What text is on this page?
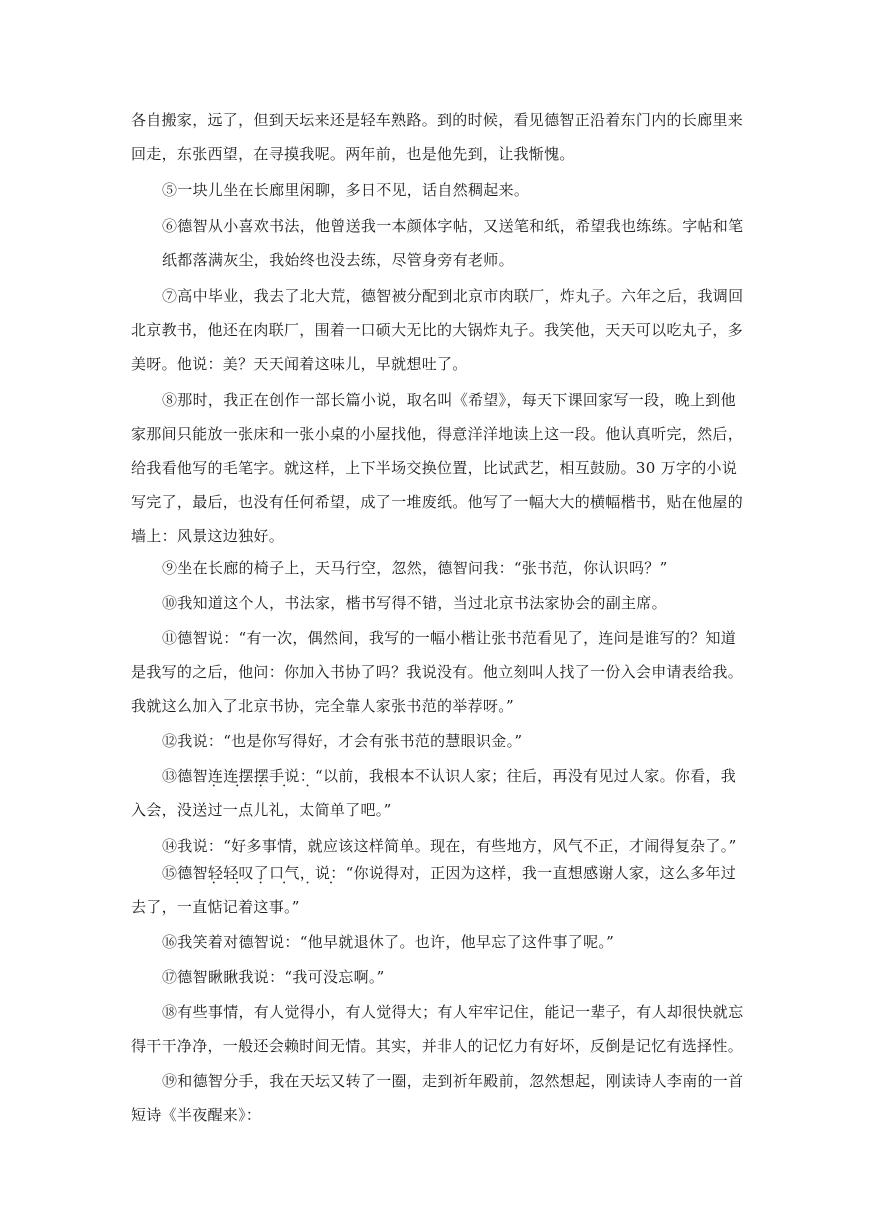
各自搬家，远了，但到天坛来还是轻车熟路。到的时候，看见德智正沿着东门内的长廊里来
回走，东张西望，在寻摸我呢。两年前，也是他先到，让我惭愧。
⑤一块儿坐在长廊里闲聊，多日不见，话自然稠起来。
⑥德智从小喜欢书法，他曾送我一本颜体字帖，又送笔和纸，希望我也练练。字帖和笔
纸都落满灰尘，我始终也没去练，尽管身旁有老师。
⑦高中毕业，我去了北大荒，德智被分配到北京市肉联厂，炸丸子。六年之后，我调回
北京教书，他还在肉联厂，围着一口硕大无比的大锅炸丸子。我笑他，天天可以吃丸子，多
美呀。他说：美？天天闻着这味儿，早就想吐了。
⑧那时，我正在创作一部长篇小说，取名叫《希望》，每天下课回家写一段，晚上到他
家那间只能放一张床和一张小桌的小屋找他，得意洋洋地读上这一段。他认真听完，然后，
给我看他写的毛笔字。就这样，上下半场交换位置，比试武艺，相互鼓励。30 万字的小说
写完了，最后，也没有任何希望，成了一堆废纸。他写了一幅大大的横幅楷书，贴在他屋的
墙上：风景这边独好。
⑨坐在长廊的椅子上，天马行空，忽然，德智问我：“张书范，你认识吗？”
⑩我知道这个人，书法家，楷书写得不错，当过北京书法家协会的副主席。
⑪德智说：“有一次，偶然间，我写的一幅小楷让张书范看见了，连问是谁写的？知道
是我写的之后，他问：你加入书协了吗？我说没有。他立刻叫人找了一份入会申请表给我。
我就这么加入了北京书协，完全靠人家张书范的举荐呀。”
⑫我说：“也是你写得好，才会有张书范的慧眼识金。”
⑬德智连连摆摆手说：“以前，我根本不认识人家；往后，再没有见过人家。你看，我
入会，没送过一点儿礼，太简单了吧。”
⑭我说：“好多事情，就应该这样简单。现在，有些地方，风气不正，才闹得复杂了。”
⑮德智轻轻叹了口气，说：“你说得对，正因为这样，我一直想感谢人家，这么多年过
去了，一直惦记着这事。”
⑯我笑着对德智说：“他早就退休了。也许，他早忘了这件事了呢。”
⑰德智瞅瞅我说：“我可没忘啊。”
⑱有些事情，有人觉得小，有人觉得大；有人牢牢记住，能记一辈子，有人却很快就忘
得干干净净，一般还会赖时间无情。其实，并非人的记忆力有好坏，反倒是记忆有选择性。
⑲和德智分手，我在天坛又转了一圈，走到祈年殿前，忽然想起，刚读诗人李南的一首
短诗《半夜醒来》：
• • • • •
• • • • • •
